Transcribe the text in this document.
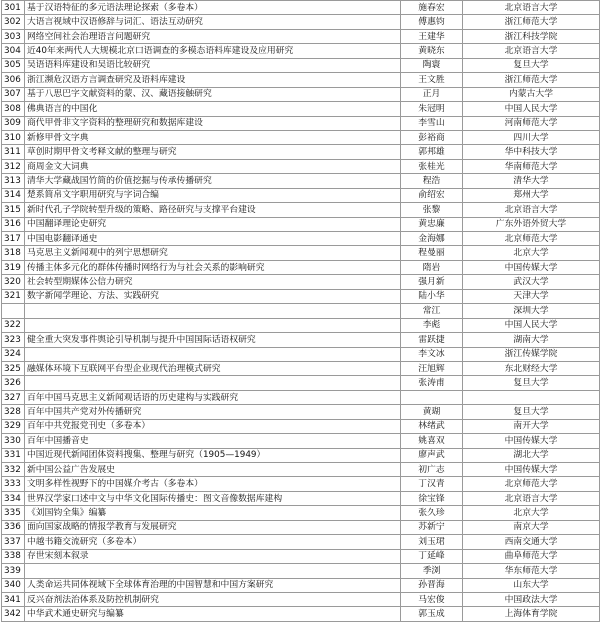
301	基于汉语特征的多元语法理论探索（多卷本）	施春宏	北京语言大学
302	大语言视域中汉语修辞与词汇、语法互动研究	傅惠钧	浙江师范大学
303	网络空间社会治理语言问题研究	王建华	浙江科技学院
304	近40年来两代人大规模北京口语调查的多模态语料库建设及应用研究	黄晓东	北京语言大学
305	吴语语料库建设和吴语比较研究	陶寰	复旦大学
306	浙江濒危汉语方言调查研究及语料库建设	王文胜	浙江师范大学
307	基于八思巴字文献资料的蒙、汉、藏语接触研究	正月	内蒙古大学
308	佛典语言的中国化	朱冠明	中国人民大学
309	商代甲骨非文字资料的整理研究和数据库建设	李雪山	河南师范大学
310	新修甲骨文字典	彭裕商	四川大学
311	草创时期甲骨文考释文献的整理与研究	郭邦雄	华中科技大学
312	商周金文大词典	张桂光	华南师范大学
313	清华大学藏战国竹简的价值挖掘与传承传播研究	程浩	清华大学
314	楚系简帛文字职用研究与字词合编	俞绍宏	郑州大学
315	新时代孔子学院转型升级的策略、路径研究与支撑平台建设	张黎	北京语言大学
316	中国翻译理论史研究	黄忠廉	广东外语外贸大学
317	中国电影翻译通史	金海娜	北京师范大学
318	马克思主义新闻观中的列宁思想研究	程曼丽	北京大学
319	传播主体多元化的群体传播时网络行为与社会关系的影响研究	隋岩	中国传媒大学
320	社会转型期媒体公信力研究	强月新	武汉大学
321	数字新闻学理论、方法、实践研究	陆小华	天津大学
		常江	深圳大学
322		李彪	中国人民大学
323	健全重大突发事件舆论引导机制与提升中国国际话语权研究	雷跃捷	湖南大学
324		李文冰	浙江传媒学院
325	融媒体环境下互联网平台型企业现代治理模式研究	汪旭辉	东北财经大学
326		张涛甫	复旦大学
327	百年中国马克思主义新闻观话语的历史建构与实践研究		
328	百年中国共产党对外传播研究	黄瑚	复旦大学
329	百年中共党报党刊史（多卷本）	林绪武	南开大学
330	百年中国播音史	姚喜双	中国传媒大学
331	中国近现代新闻团体资料搜集、整理与研究（1905—1949）	廖声武	湖北大学
332	新中国公益广告发展史	初广志	中国传媒大学
333	文明多样性视野下的中国媒介考古（多卷本）	丁汉青	北京师范大学
334	世界汉学家口述中文与中华文化国际传播史：图文音像数据库建构	徐宝锋	北京语言大学
335	《刘国钧全集》编纂	张久珍	北京大学
336	面向国家战略的情报学教育与发展研究	苏新宁	南京大学
337	中越书籍交流研究（多卷本）	刘玉珺	西南交通大学
338	存世宋刻本叙录	丁延峰	曲阜师范大学
339		季浏	华东师范大学
340	人类命运共同体视域下全球体育治理的中国智慧和中国方案研究	孙晋海	山东大学
341	反兴奋剂法治体系及防控机制研究	马宏俊	中国政法大学
342	中华武术通史研究与编纂	郭玉成	上海体育学院
